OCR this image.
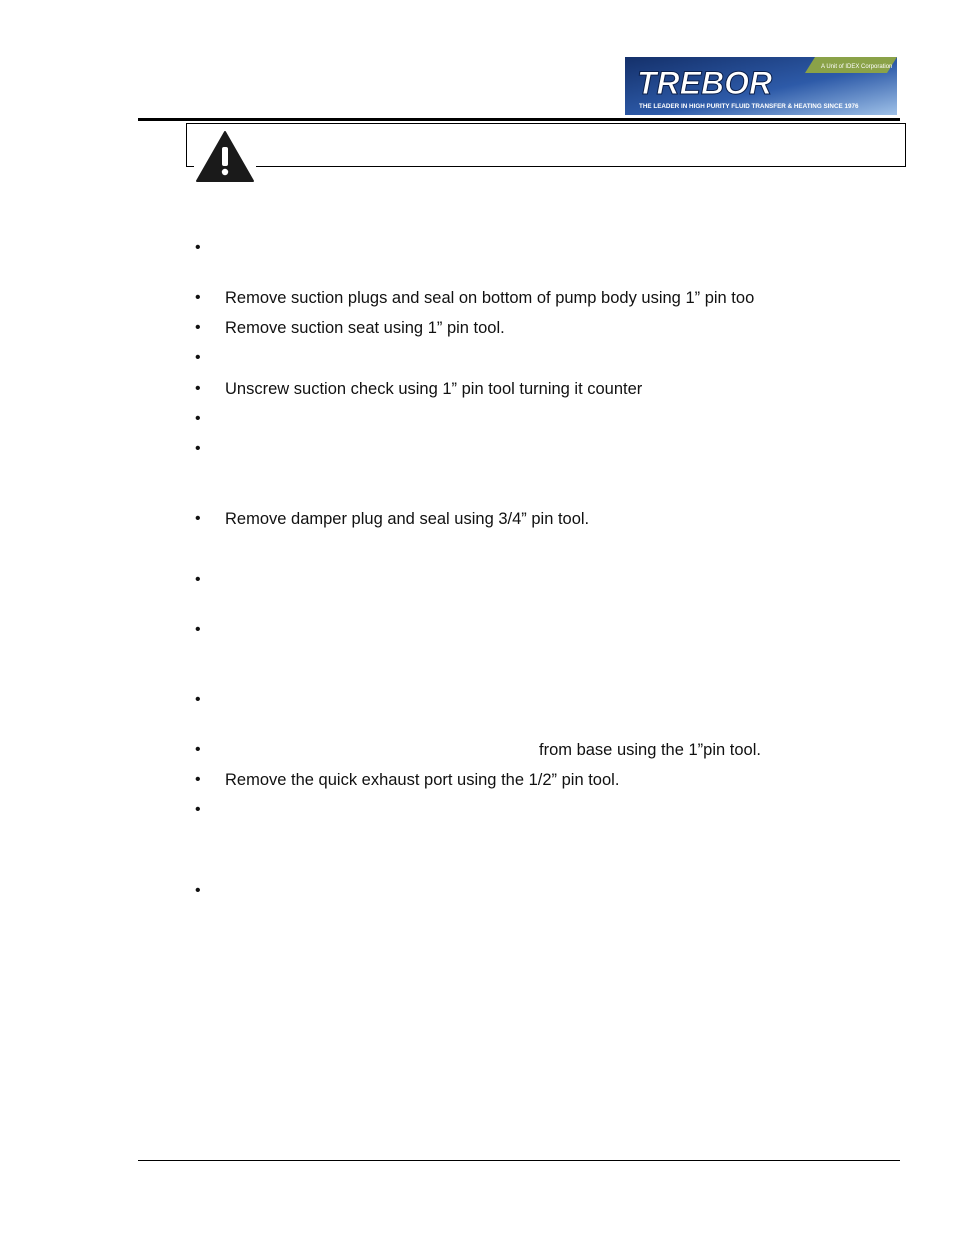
A Unit of IDEX Corporation
TREBOR
THE LEADER IN HIGH PURITY FLUID TRANSFER & HEATING SINCE 1976
•
• Remove suction plugs and seal on bottom of pump body using 1” pin too
• Remove suction seat using 1” pin tool.
•
• Unscrew suction check using 1” pin tool turning it counter
•
•
• Remove damper plug and seal using 3/4” pin tool.
•
•
•
•	from base using the 1”pin tool.
• Remove the quick exhaust port using the 1/2” pin tool.
•
•
